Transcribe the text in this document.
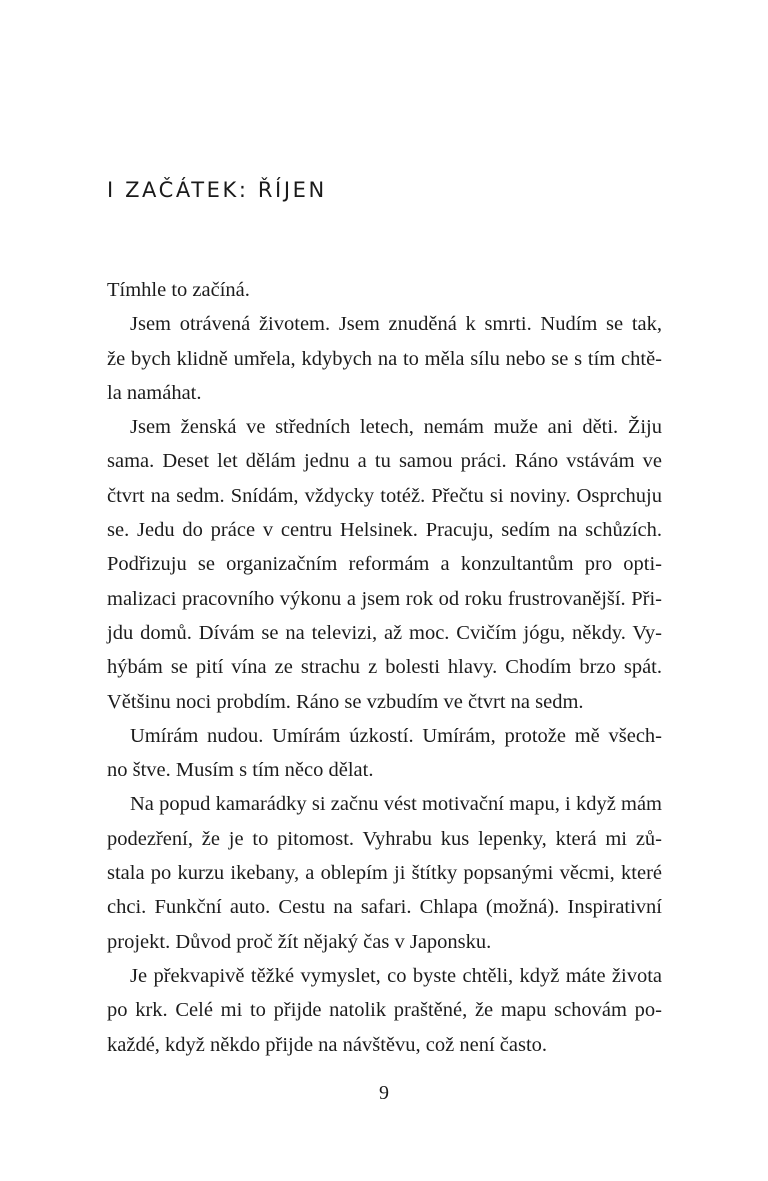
I ZAČÁTEK: ŘÍJEN
Tímhle to začíná.
Jsem otrávená životem. Jsem znuděná k smrti. Nudím se tak,
že bych klidně umřela, kdybych na to měla sílu nebo se s tím chtě-
la namáhat.
Jsem ženská ve středních letech, nemám muže ani děti. Žiju
sama. Deset let dělám jednu a tu samou práci. Ráno vstávám ve
čtvrt na sedm. Snídám, vždycky totéž. Přečtu si noviny. Osprchuju
se. Jedu do práce v centru Helsinek. Pracuju, sedím na schůzích.
Podřizuju se organizačním reformám a konzultantům pro opti-
malizaci pracovního výkonu a jsem rok od roku frustrovanější. Při-
jdu domů. Dívám se na televizi, až moc. Cvičím jógu, někdy. Vy-
hýbám se pití vína ze strachu z bolesti hlavy. Chodím brzo spát.
Většinu noci probdím. Ráno se vzbudím ve čtvrt na sedm.
Umírám nudou. Umírám úzkostí. Umírám, protože mě všech-
no štve. Musím s tím něco dělat.
Na popud kamarádky si začnu vést motivační mapu, i když mám
podezření, že je to pitomost. Vyhrabu kus lepenky, která mi zů-
stala po kurzu ikebany, a oblepím ji štítky popsanými věcmi, které
chci. Funkční auto. Cestu na safari. Chlapa (možná). Inspirativní
projekt. Důvod proč žít nějaký čas v Japonsku.
Je překvapivě těžké vymyslet, co byste chtěli, když máte života
po krk. Celé mi to přijde natolik praštěné, že mapu schovám po-
každé, když někdo přijde na návštěvu, což není často.
9
